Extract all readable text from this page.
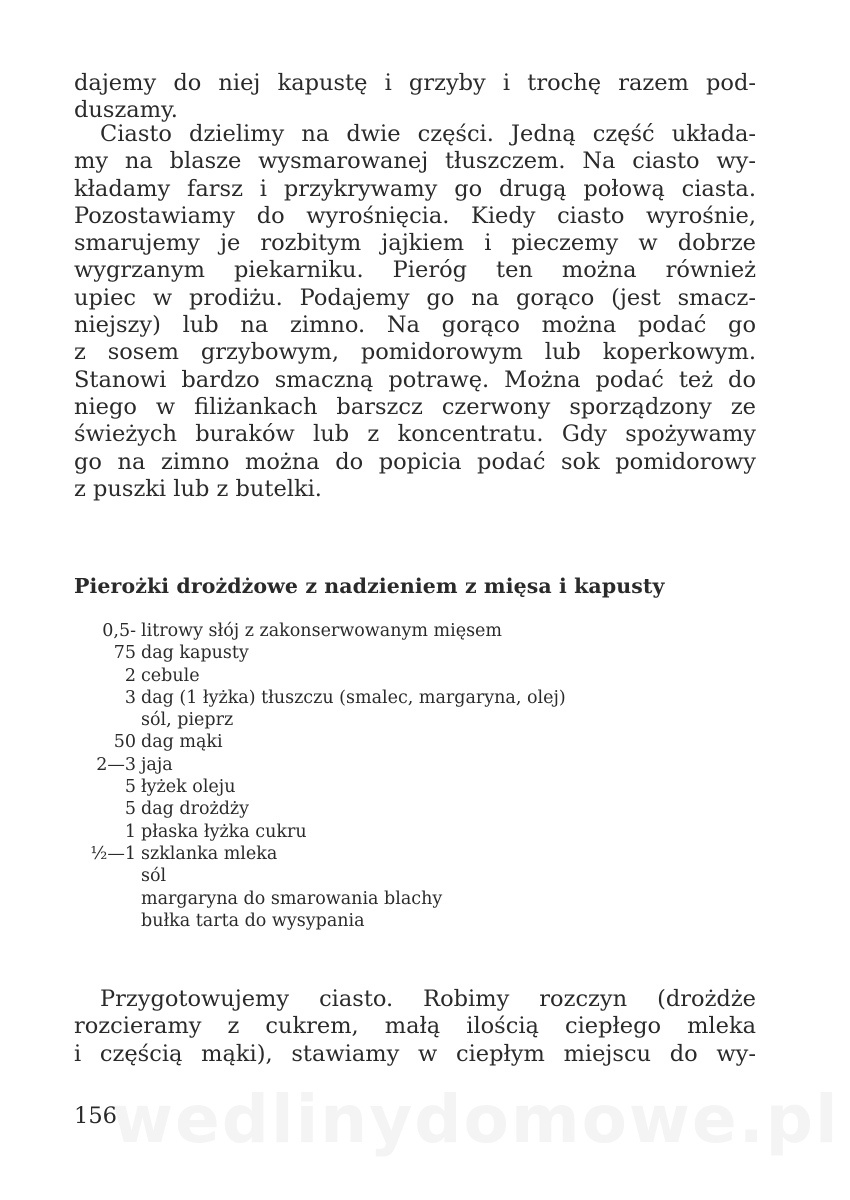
dajemy do niej kapustę i grzyby i trochę razem pod-
duszamy.
Ciasto dzielimy na dwie części. Jedną część układa-
my na blasze wysmarowanej tłuszczem. Na ciasto wy-
kładamy farsz i przykrywamy go drugą połową ciasta.
Pozostawiamy do wyrośnięcia. Kiedy ciasto wyrośnie,
smarujemy je rozbitym jajkiem i pieczemy w dobrze
wygrzanym piekarniku. Pieróg ten można również
upiec w prodiżu. Podajemy go na gorąco (jest smacz-
niejszy) lub na zimno. Na gorąco można podać go
z sosem grzybowym, pomidorowym lub koperkowym.
Stanowi bardzo smaczną potrawę. Można podać też do
niego w filiżankach barszcz czerwony sporządzony ze
świeżych buraków lub z koncentratu. Gdy spożywamy
go na zimno można do popicia podać sok pomidorowy
z puszki lub z butelki.
Pierożki drożdżowe z nadzieniem z mięsa i kapusty
0,5- litrowy słój z zakonserwowanym mięsem
75 dag kapusty
2 cebule
3 dag (1 łyżka) tłuszczu (smalec, margaryna, olej)
sól, pieprz
50 dag mąki
2—3 jaja
5 łyżek oleju
5 dag drożdży
1 płaska łyżka cukru
½—1 szklanka mleka
sól
margaryna do smarowania blachy
bułka tarta do wysypania
Przygotowujemy ciasto. Robimy rozczyn (drożdże
rozcieramy z cukrem, małą ilością ciepłego mleka
i częścią mąki), stawiamy w ciepłym miejscu do wy-
wedlinydomowe.pl
156
